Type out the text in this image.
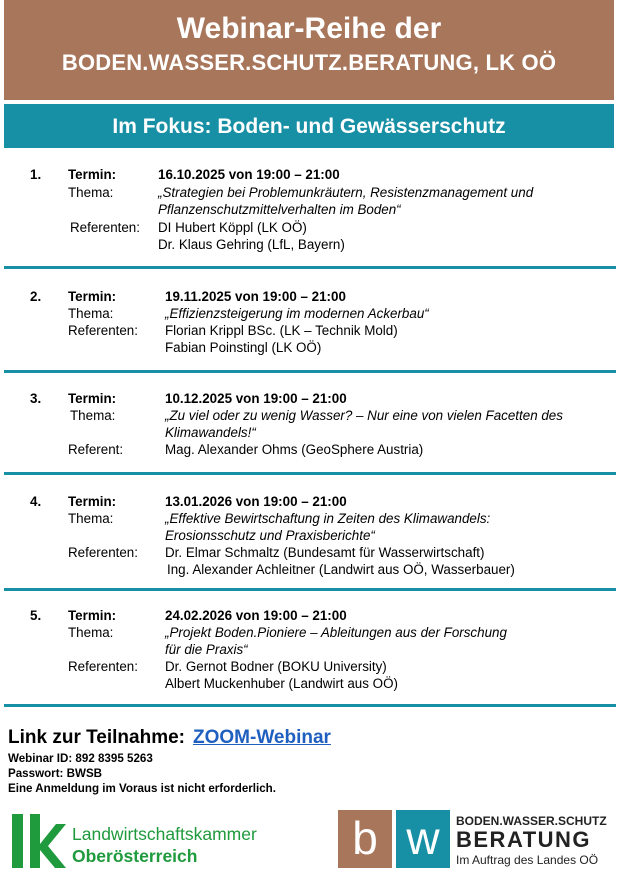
Webinar-Reihe der
BODEN.WASSER.SCHUTZ.BERATUNG, LK OÖ
Im Fokus: Boden- und Gewässerschutz
1. Termin:	16.10.2025 von 19:00 – 21:00
Thema:	„Strategien bei Problemunkräutern, Resistenzmanagement und
Pflanzenschutzmittelverhalten im Boden“
Referenten: DI Hubert Köppl (LK OÖ)
Dr. Klaus Gehring (LfL, Bayern)
2. Termin:	19.11.2025 von 19:00 – 21:00
Thema:	„Effizienzsteigerung im modernen Ackerbau“
Referenten: Florian Krippl BSc. (LK – Technik Mold)
Fabian Poinstingl (LK OÖ)
3. Termin:	10.12.2025 von 19:00 – 21:00
Thema:	„Zu viel oder zu wenig Wasser? – Nur eine von vielen Facetten des
Klimawandels!“
Referent:	Mag. Alexander Ohms (GeoSphere Austria)
4. Termin:	13.01.2026 von 19:00 – 21:00
Thema:	„Effektive Bewirtschaftung in Zeiten des Klimawandels:
Erosionsschutz und Praxisberichte“
Referenten: Dr. Elmar Schmaltz (Bundesamt für Wasserwirtschaft)
Ing. Alexander Achleitner (Landwirt aus OÖ, Wasserbauer)
5. Termin:	24.02.2026 von 19:00 – 21:00
Thema:	„Projekt Boden.Pioniere – Ableitungen aus der Forschung
für die Praxis“
Referenten: Dr. Gernot Bodner (BOKU University)
Albert Muckenhuber (Landwirt aus OÖ)
Link zur Teilnahme: ZOOM-Webinar
Webinar ID: 892 8395 5263
Passwort: BWSB
Eine Anmeldung im Voraus ist nicht erforderlich.
Landwirtschaftskammer
Oberösterreich	b w	BODEN.WASSER.SCHUTZ
BERATUNG
Im Auftrag des Landes OÖ
